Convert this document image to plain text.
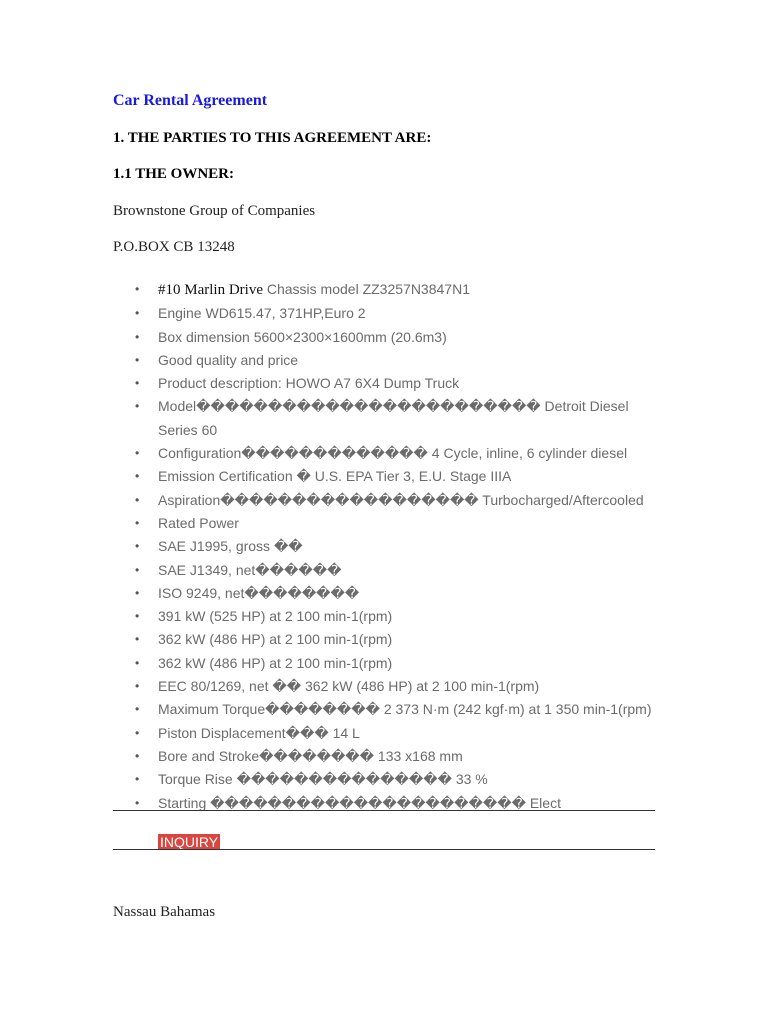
Car Rental Agreement
1. THE PARTIES TO THIS AGREEMENT ARE:
1.1 THE OWNER:

Brownstone Group of Companies

P.O.BOX CB 13248

• #10 Marlin Drive Chassis model ZZ3257N3847N1
• Engine WD615.47, 371HP,Euro 2
• Box dimension 5600×2300×1600mm (20.6m3)
• Good quality and price
• Product description: HOWO A7 6X4 Dump Truck
• Model������������������������ Detroit Diesel Series 60
• Configuration������������� 4 Cycle, inline, 6 cylinder diesel
• Emission Certification � U.S. EPA Tier 3, E.U. Stage IIIA
• Aspiration������������������ Turbocharged/Aftercooled
• Rated Power
• SAE J1995, gross ��
• SAE J1349, net������
• ISO 9249, net��������
• 391 kW (525 HP) at 2 100 min-1(rpm)
• 362 kW (486 HP) at 2 100 min-1(rpm)
• 362 kW (486 HP) at 2 100 min-1(rpm)
• EEC 80/1269, net �� 362 kW (486 HP) at 2 100 min-1(rpm)
• Maximum Torque�������� 2 373 N·m (242 kgf·m) at 1 350 min-1(rpm)
• Piston Displacement��� 14 L
• Bore and Stroke�������� 133 x168 mm
• Torque Rise ��������������� 33 %
• Starting ���������������������� Elect
INQUIRY

Nassau Bahamas
